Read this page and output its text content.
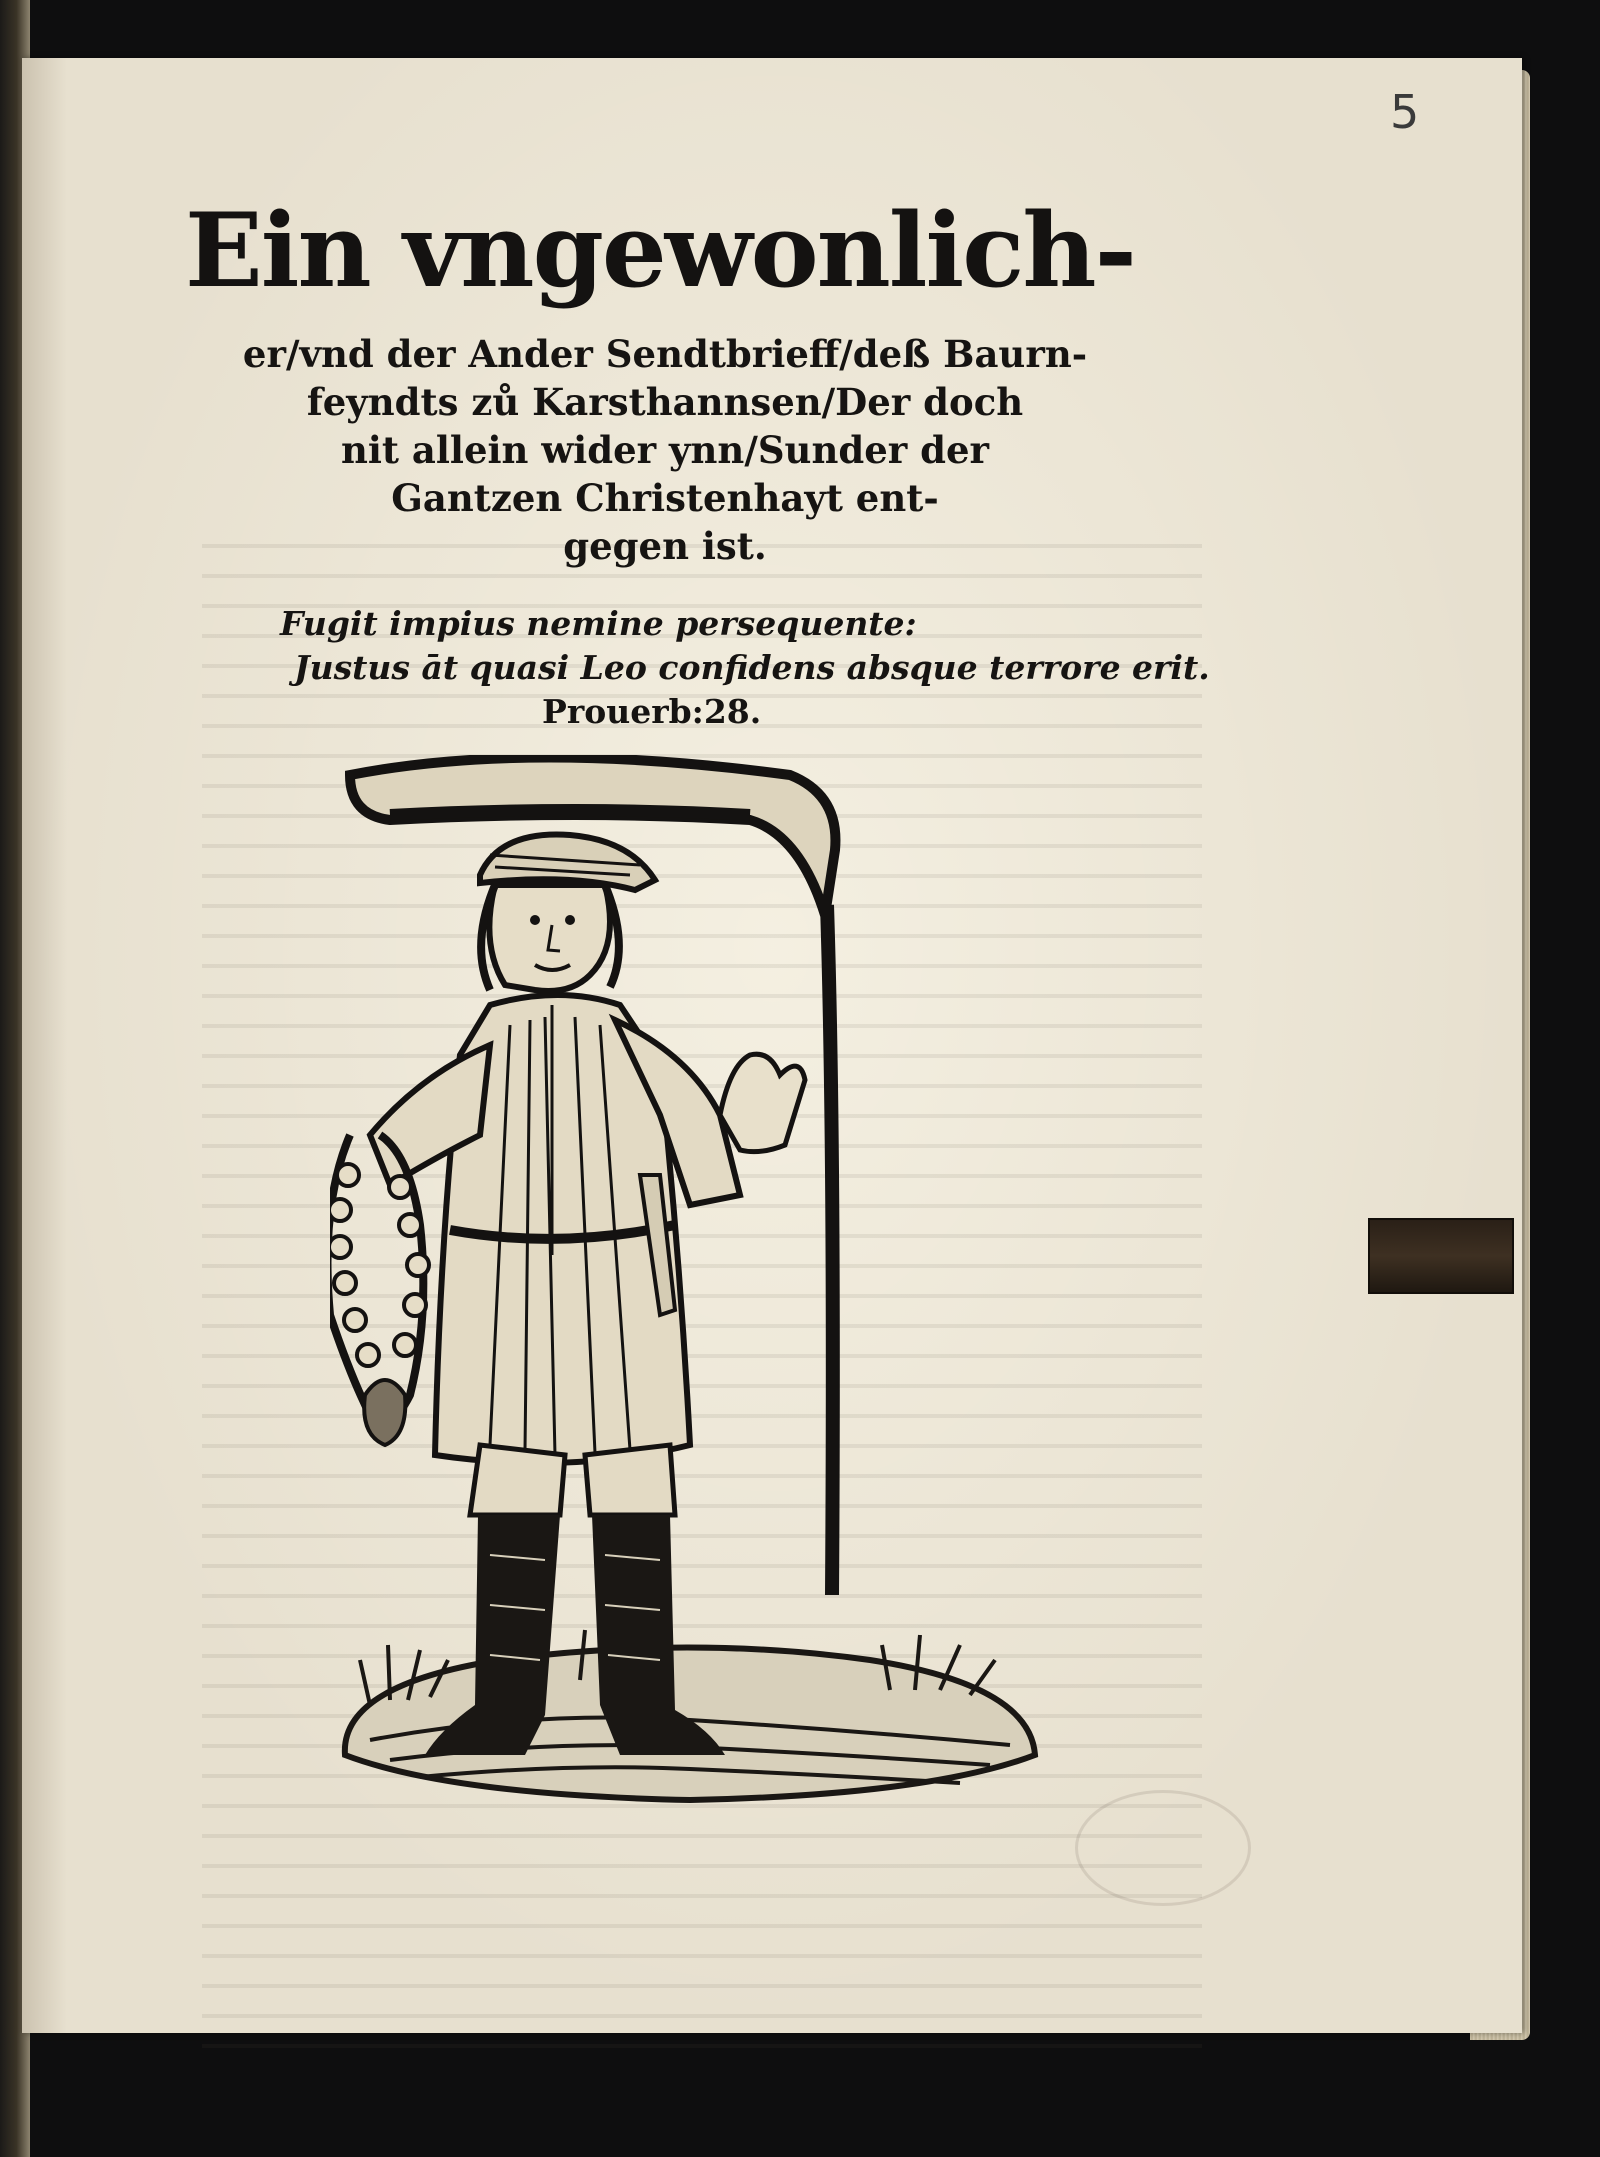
5
Ein vngewonlich-
er/vnd der Ander Sendtbrieff/deß Baurn-
feyndts zů Karsthannsen/Der doch
nit allein wider ynn/Sunder der
Gantzen Christenhayt ent-
gegen ist.
Fugit impius nemine persequente:
Justus āt quasi Leo confidens absque terrore erit.
Prouerb:28.
